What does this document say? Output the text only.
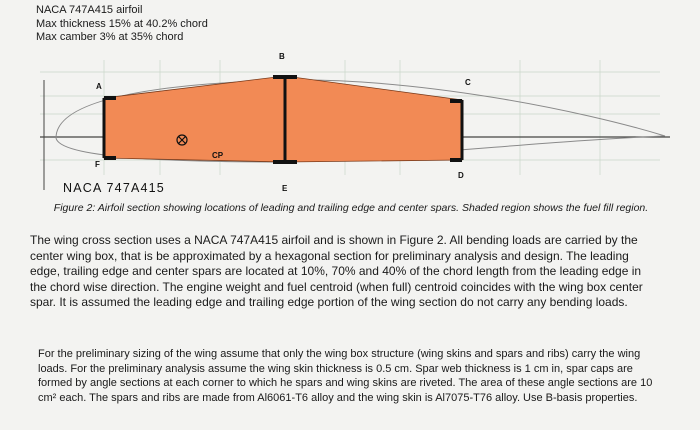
NACA 747A415 airfoil
Max thickness 15% at 40.2% chord
Max camber 3% at 35% chord
A
B
C
D
E
F
CP
NACA 747A415
Figure 2: Airfoil section showing locations of leading and trailing edge and center spars. Shaded region shows the fuel fill region.

The wing cross section uses a NACA 747A415 airfoil and is shown in Figure 2. All bending loads are carried by the center wing box, that is be approximated by a hexagonal section for preliminary analysis and design. The leading edge, trailing edge and center spars are located at 10%, 70% and 40% of the chord length from the leading edge in the chord wise direction. The engine weight and fuel centroid (when full) centroid coincides with the wing box center spar. It is assumed the leading edge and trailing edge portion of the wing section do not carry any bending loads.

For the preliminary sizing of the wing assume that only the wing box structure (wing skins and spars and ribs) carry the wing loads. For the preliminary analysis assume the wing skin thickness is 0.5 cm. Spar web thickness is 1 cm in, spar caps are formed by angle sections at each corner to which he spars and wing skins are riveted. The area of these angle sections are 10 cm² each. The spars and ribs are made from Al6061-T6 alloy and the wing skin is Al7075-T76 alloy. Use B-basis properties.
